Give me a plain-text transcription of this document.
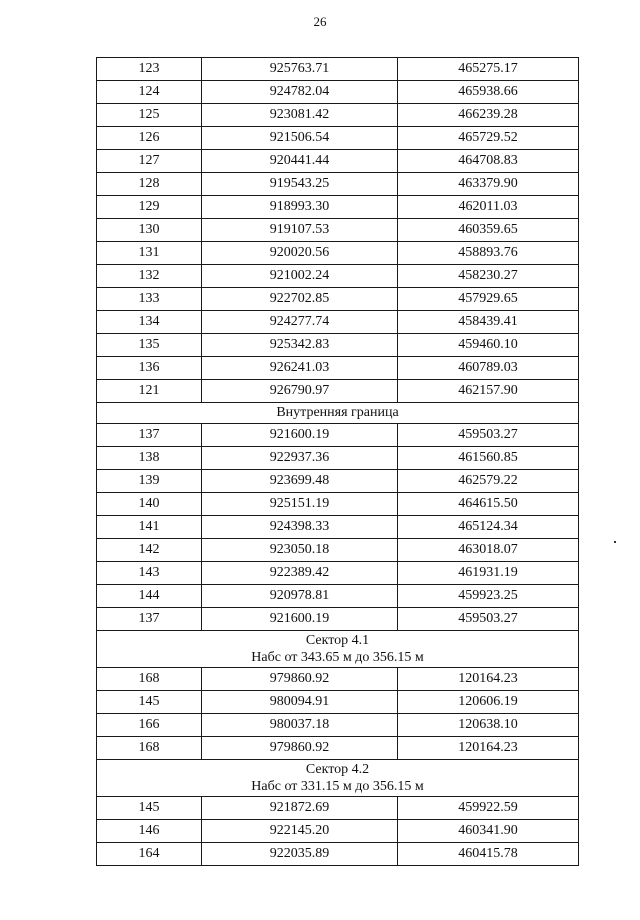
26
123	925763.71	465275.17
124	924782.04	465938.66
125	923081.42	466239.28
126	921506.54	465729.52
127	920441.44	464708.83
128	919543.25	463379.90
129	918993.30	462011.03
130	919107.53	460359.65
131	920020.56	458893.76
132	921002.24	458230.27
133	922702.85	457929.65
134	924277.74	458439.41
135	925342.83	459460.10
136	926241.03	460789.03
121	926790.97	462157.90
Внутренняя граница		
137	921600.19	459503.27
138	922937.36	461560.85
139	923699.48	462579.22
140	925151.19	464615.50
141	924398.33	465124.34
142	923050.18	463018.07
143	922389.42	461931.19
144	920978.81	459923.25
137	921600.19	459503.27

Сектор 4.1
Набс от 343.65 м до 356.15 м		

168	979860.92	120164.23
145	980094.91	120606.19
166	980037.18	120638.10
168	979860.92	120164.23

Сектор 4.2
Набс от 331.15 м до 356.15 м		

145	921872.69	459922.59
146	922145.20	460341.90
164	922035.89	460415.78
